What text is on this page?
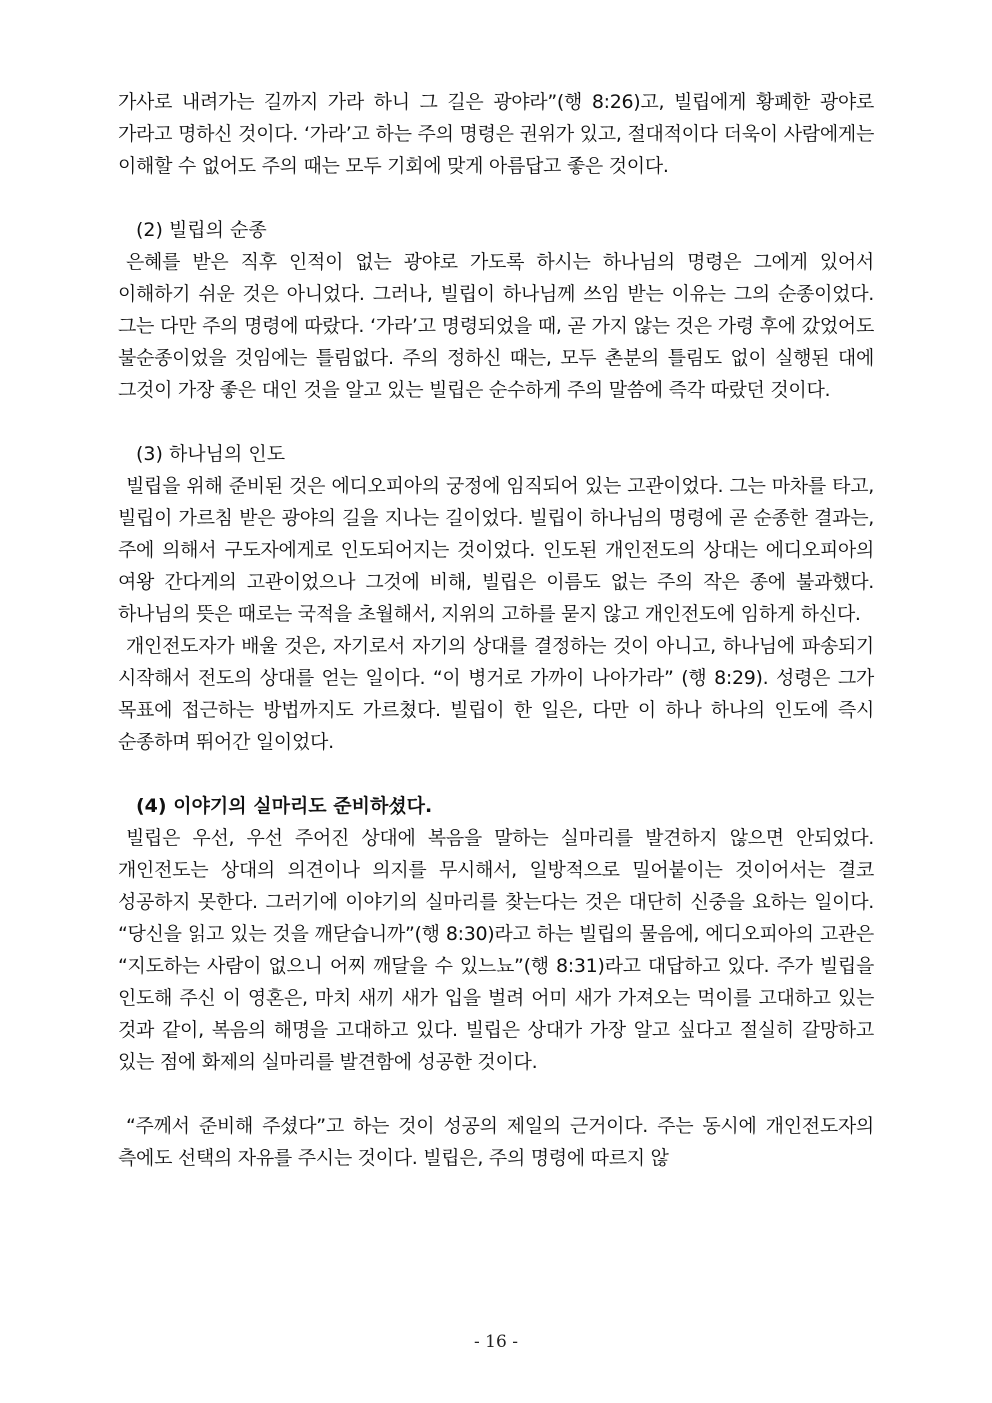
가사로 내려가는 길까지 가라 하니 그 길은 광야라”(행 8:26)고, 빌립에게 황폐한 광야로 가라고 명하신 것이다. ‘가라’고 하는 주의 명령은 권위가 있고, 절대적이다 더욱이 사람에게는 이해할 수 없어도 주의 때는 모두 기회에 맞게 아름답고 좋은 것이다.

(2) 빌립의 순종

은혜를 받은 직후 인적이 없는 광야로 가도록 하시는 하나님의 명령은 그에게 있어서 이해하기 쉬운 것은 아니었다. 그러나, 빌립이 하나님께 쓰임 받는 이유는 그의 순종이었다. 그는 다만 주의 명령에 따랐다. ‘가라’고 명령되었을 때, 곧 가지 않는 것은 가령 후에 갔었어도 불순종이었을 것임에는 틀림없다. 주의 정하신 때는, 모두 촌분의 틀림도 없이 실행된 대에 그것이 가장 좋은 대인 것을 알고 있는 빌립은 순수하게 주의 말씀에 즉각 따랐던 것이다.

(3) 하나님의 인도

빌립을 위해 준비된 것은 에디오피아의 궁정에 임직되어 있는 고관이었다. 그는 마차를 타고, 빌립이 가르침 받은 광야의 길을 지나는 길이었다. 빌립이 하나님의 명령에 곧 순종한 결과는, 주에 의해서 구도자에게로 인도되어지는 것이었다. 인도된 개인전도의 상대는 에디오피아의 여왕 간다게의 고관이었으나 그것에 비해, 빌립은 이름도 없는 주의 작은 종에 불과했다. 하나님의 뜻은 때로는 국적을 초월해서, 지위의 고하를 묻지 않고 개인전도에 임하게 하신다.

개인전도자가 배울 것은, 자기로서 자기의 상대를 결정하는 것이 아니고, 하나님에 파송되기 시작해서 전도의 상대를 얻는 일이다. “이 병거로 가까이 나아가라” (행 8:29). 성령은 그가 목표에 접근하는 방법까지도 가르쳤다. 빌립이 한 일은, 다만 이 하나 하나의 인도에 즉시 순종하며 뛰어간 일이었다.

(4) 이야기의 실마리도 준비하셨다.

빌립은 우선, 우선 주어진 상대에 복음을 말하는 실마리를 발견하지 않으면 안되었다. 개인전도는 상대의 의견이나 의지를 무시해서, 일방적으로 밀어붙이는 것이어서는 결코 성공하지 못한다. 그러기에 이야기의 실마리를 찾는다는 것은 대단히 신중을 요하는 일이다. “당신을 읽고 있는 것을 깨닫습니까”(행 8:30)라고 하는 빌립의 물음에, 에디오피아의 고관은 “지도하는 사람이 없으니 어찌 깨달을 수 있느뇨”(행 8:31)라고 대답하고 있다. 주가 빌립을 인도해 주신 이 영혼은, 마치 새끼 새가 입을 벌려 어미 새가 가져오는 먹이를 고대하고 있는 것과 같이, 복음의 해명을 고대하고 있다. 빌립은 상대가 가장 알고 싶다고 절실히 갈망하고 있는 점에 화제의 실마리를 발견함에 성공한 것이다.

“주께서 준비해 주셨다”고 하는 것이 성공의 제일의 근거이다. 주는 동시에 개인전도자의 측에도 선택의 자유를 주시는 것이다. 빌립은, 주의 명령에 따르지 않

- 16 -
